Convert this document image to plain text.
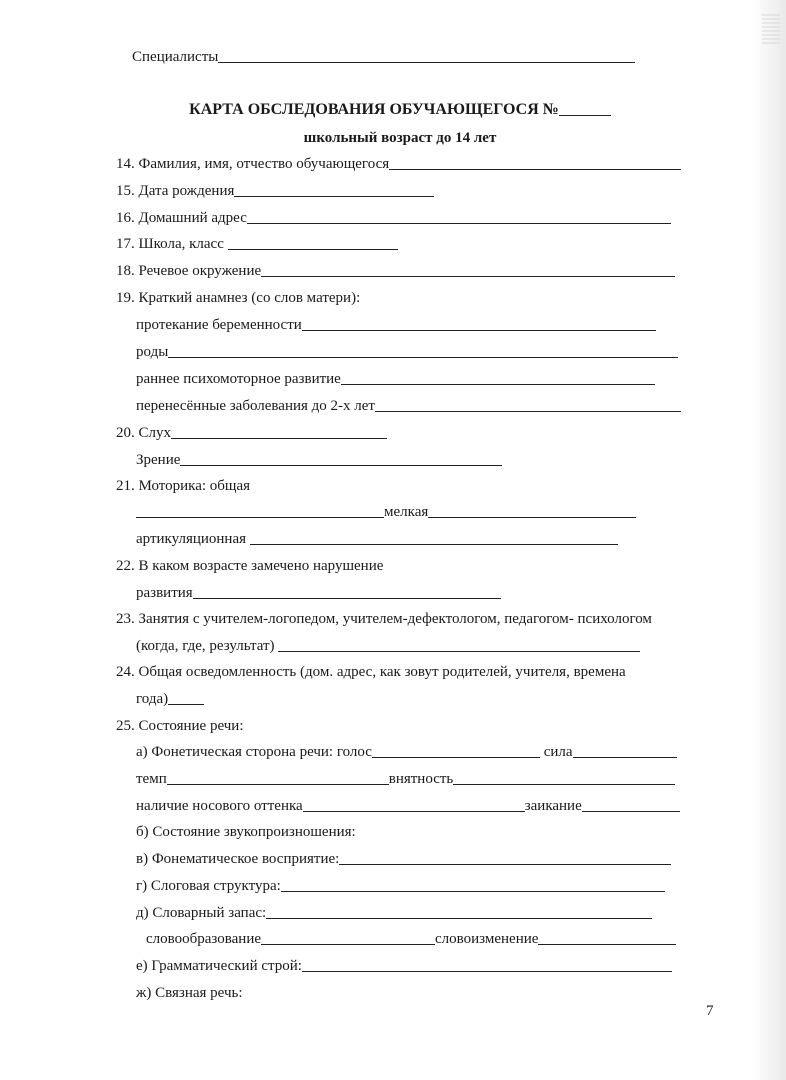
Специалисты
КАРТА ОБСЛЕДОВАНИЯ ОБУЧАЮЩЕГОСЯ №
школьный возраст до 14 лет
14. Фамилия, имя, отчество обучающегося
15. Дата рождения
16. Домашний адрес
17. Школа, класс
18. Речевое окружение
19. Краткий анамнез (со слов матери):
протекание беременности
роды
раннее психомоторное развитие
перенесённые заболевания до 2-х лет
20. Слух
Зрение
21. Моторика: общая
мелкая
артикуляционная
22. В каком возрасте замечено нарушение
развития
23. Занятия с учителем-логопедом, учителем-дефектологом, педагогом- психологом
(когда, где, результат)
24. Общая осведомленность (дом. адрес, как зовут родителей, учителя, времена
года)
25. Состояние речи:
а) Фонетическая сторона речи: голос	сила
темп	внятность
наличие носового оттенка	заикание
б) Состояние звукопроизношения:
в) Фонематическое восприятие:
г) Слоговая структура:
д) Словарный запас:
словообразование	словоизменение
е) Грамматический строй:
ж) Связная речь:
7
